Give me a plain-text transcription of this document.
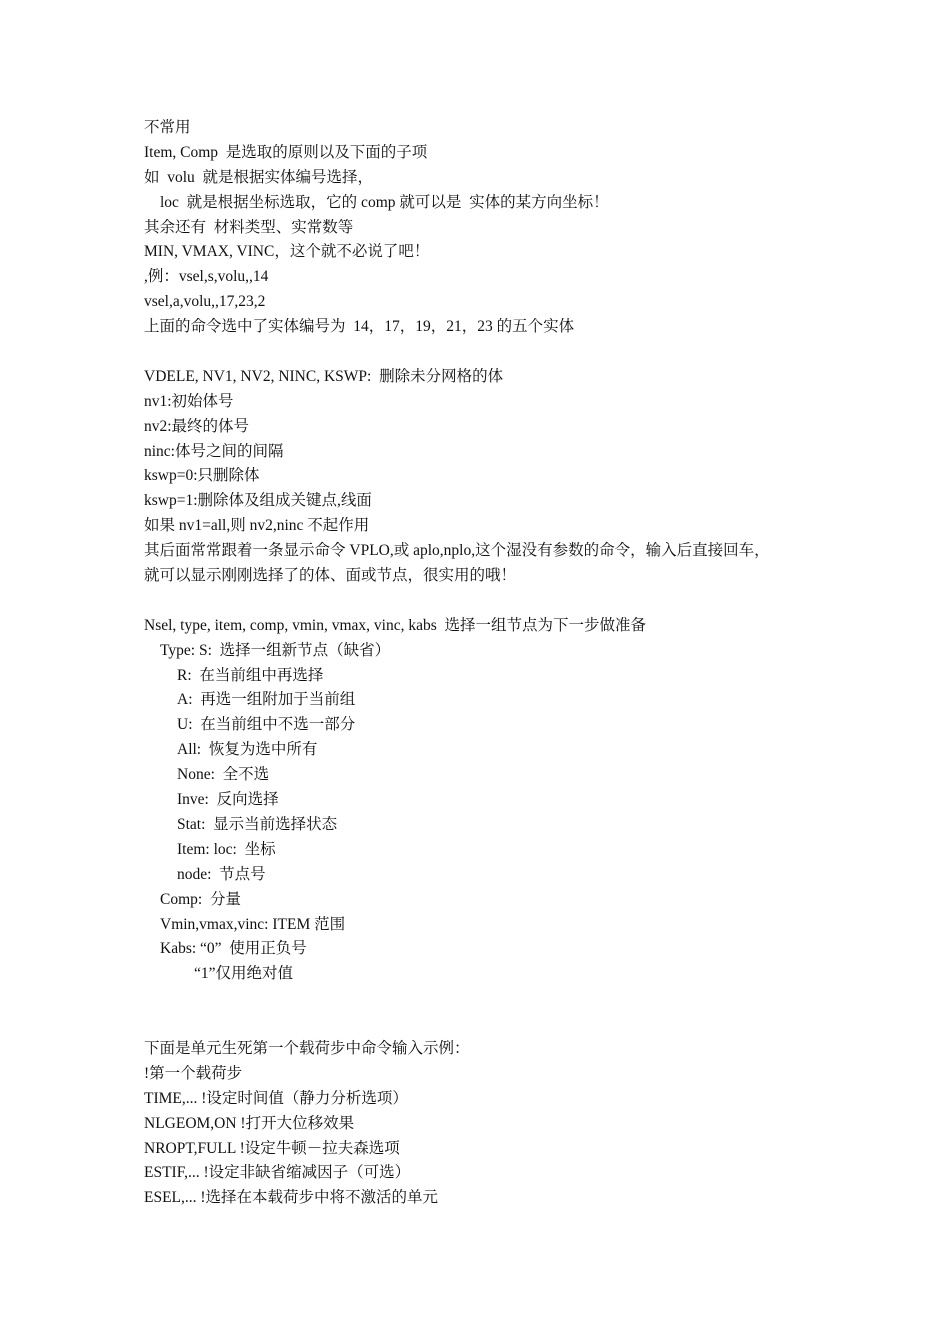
不常用
Item, Comp  是选取的原则以及下面的子项
如  volu  就是根据实体编号选择，
loc  就是根据坐标选取，它的 comp 就可以是  实体的某方向坐标！
其余还有  材料类型、实常数等
MIN, VMAX, VINC，这个就不必说了吧！
,例：vsel,s,volu,,14
vsel,a,volu,,17,23,2
上面的命令选中了实体编号为  14，17，19，21，23 的五个实体
VDELE, NV1, NV2, NINC, KSWP:  删除未分网格的体
nv1:初始体号
nv2:最终的体号
ninc:体号之间的间隔
kswp=0:只删除体
kswp=1:删除体及组成关键点,线面
如果 nv1=all,则 nv2,ninc 不起作用
其后面常常跟着一条显示命令 VPLO,或 aplo,nplo,这个湿没有参数的命令，输入后直接回车，
就可以显示刚刚选择了的体、面或节点，很实用的哦！
Nsel, type, item, comp, vmin, vmax, vinc, kabs  选择一组节点为下一步做准备
Type: S:  选择一组新节点（缺省）
R:  在当前组中再选择
A:  再选一组附加于当前组
U:  在当前组中不选一部分
All:  恢复为选中所有
None:  全不选
Inve:  反向选择
Stat:  显示当前选择状态
Item: loc:  坐标
node:  节点号
Comp:  分量
Vmin,vmax,vinc: ITEM 范围
Kabs: “0”  使用正负号
“1”仅用绝对值
下面是单元生死第一个载荷步中命令输入示例：
!第一个载荷步
TIME,... !设定时间值（静力分析选项）
NLGEOM,ON !打开大位移效果
NROPT,FULL !设定牛顿－拉夫森选项
ESTIF,... !设定非缺省缩减因子（可选）
ESEL,... !选择在本载荷步中将不激活的单元
